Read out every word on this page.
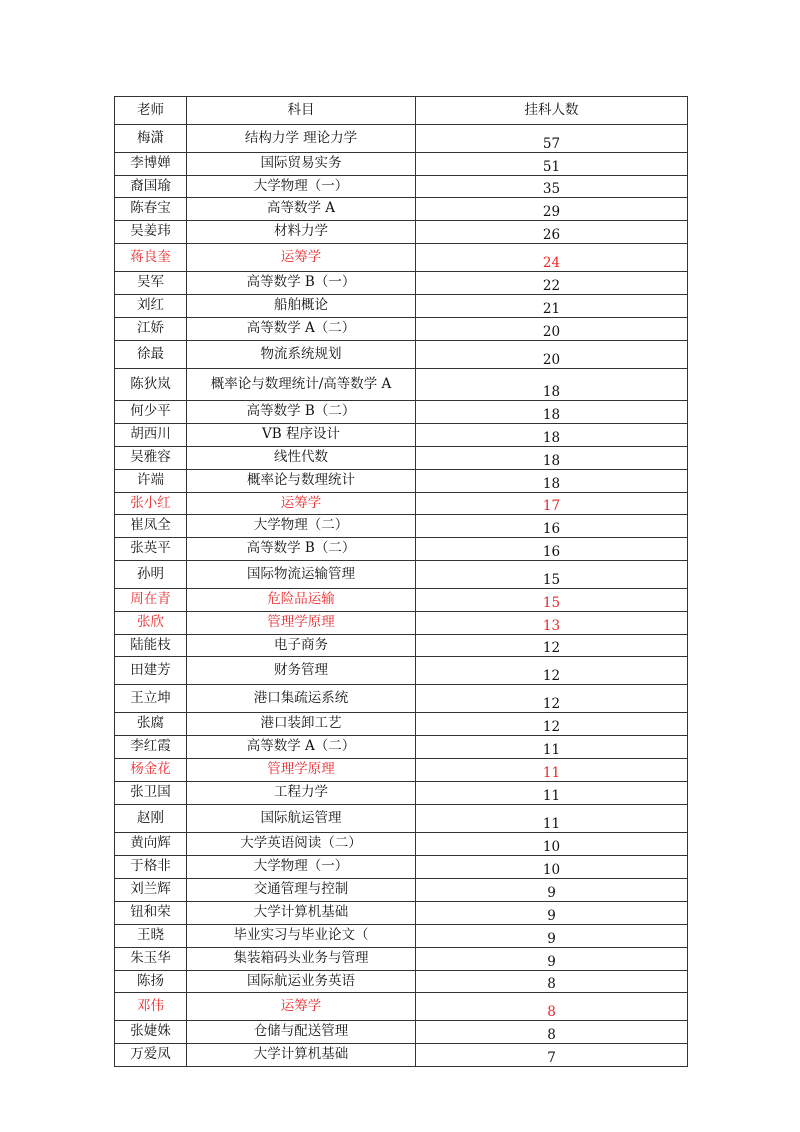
老师	科目	挂科人数
梅潇	结构力学 理论力学	57
李博婵	国际贸易实务	51
裔国瑜	大学物理（一）	35
陈春宝	高等数学 A	29
吴姜玮	材料力学	26
蒋良奎	运筹学	24
吴军	高等数学 B（一）	22
刘红	船舶概论	21
江娇	高等数学 A（二）	20
徐最	物流系统规划	20
陈狄岚	概率论与数理统计/高等数学 A	18
何少平	高等数学 B（二）	18
胡西川	VB 程序设计	18
吴雅容	线性代数	18
许端	概率论与数理统计	18
张小红	运筹学	17
崔凤全	大学物理（二）	16
张英平	高等数学 B（二）	16
孙明	国际物流运输管理	15
周在青	危险品运输	15
张欣	管理学原理	13
陆能枝	电子商务	12
田建芳	财务管理	12
王立坤	港口集疏运系统	12
张腐	港口装卸工艺	12
李红霞	高等数学 A（二）	11
杨金花	管理学原理	11
张卫国	工程力学	11
赵刚	国际航运管理	11
黄向辉	大学英语阅读（二）	10
于格非	大学物理（一）	10
刘兰辉	交通管理与控制	9
钮和荣	大学计算机基础	9
王晓	毕业实习与毕业论文（	9
朱玉华	集装箱码头业务与管理	9
陈扬	国际航运业务英语	8
邓伟	运筹学	8
张婕姝	仓储与配送管理	8
万爱凤	大学计算机基础	7
